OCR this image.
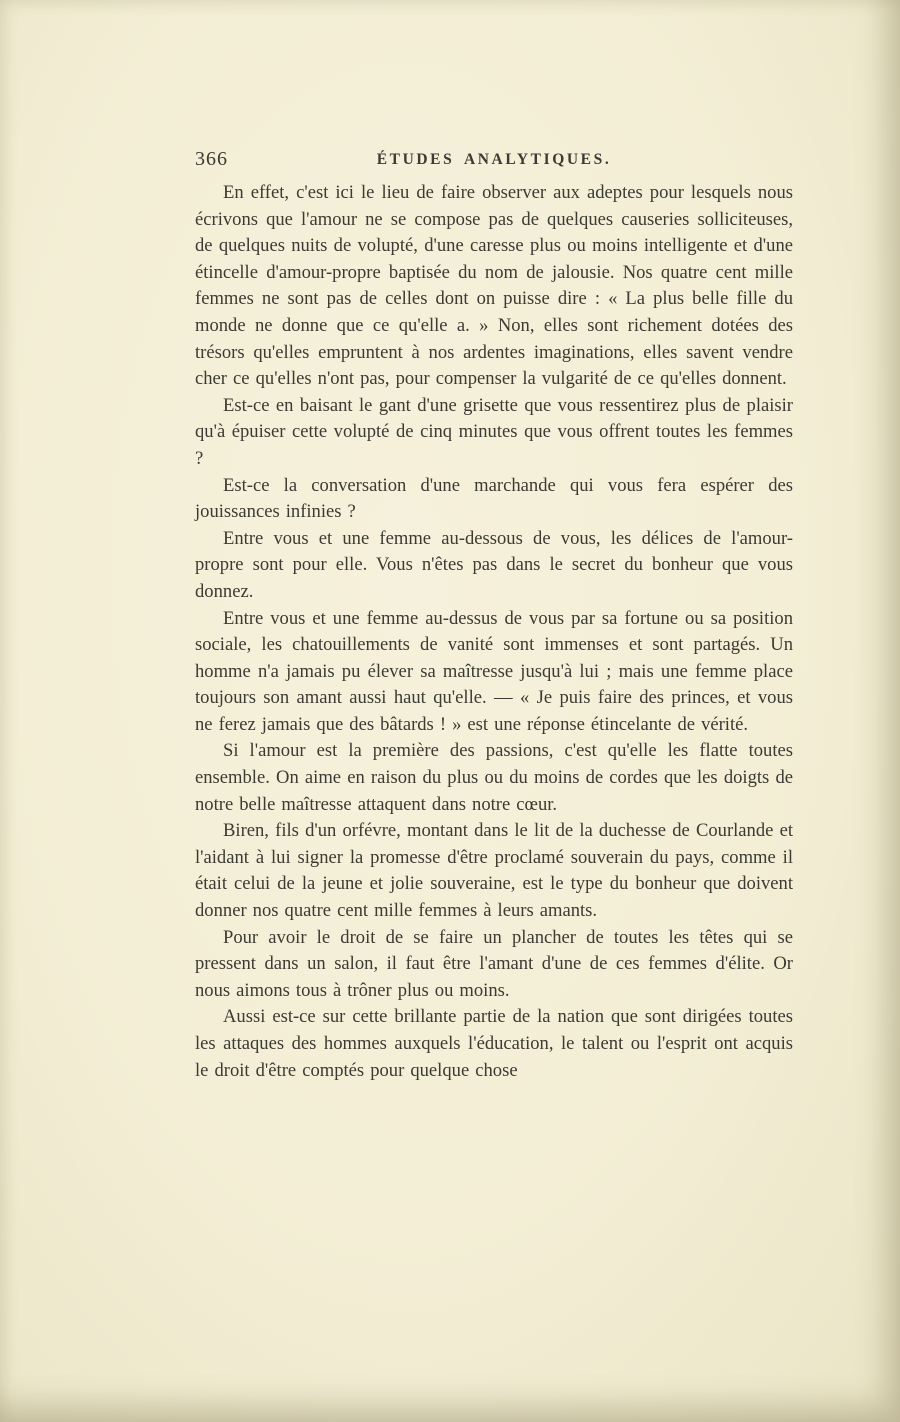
366	ÉTUDES ANALYTIQUES.

En effet, c'est ici le lieu de faire observer aux adeptes pour lesquels nous écrivons que l'amour ne se compose pas de quelques causeries solliciteuses, de quelques nuits de volupté, d'une caresse plus ou moins intelligente et d'une étincelle d'amour-propre baptisée du nom de jalousie. Nos quatre cent mille femmes ne sont pas de celles dont on puisse dire : « La plus belle fille du monde ne donne que ce qu'elle a. » Non, elles sont richement dotées des trésors qu'elles empruntent à nos ardentes imaginations, elles savent vendre cher ce qu'elles n'ont pas, pour compenser la vulgarité de ce qu'elles donnent.

Est-ce en baisant le gant d'une grisette que vous ressentirez plus de plaisir qu'à épuiser cette volupté de cinq minutes que vous offrent toutes les femmes ?

Est-ce la conversation d'une marchande qui vous fera espérer des jouissances infinies ?

Entre vous et une femme au-dessous de vous, les délices de l'amour-propre sont pour elle. Vous n'êtes pas dans le secret du bonheur que vous donnez.

Entre vous et une femme au-dessus de vous par sa fortune ou sa position sociale, les chatouillements de vanité sont immenses et sont partagés. Un homme n'a jamais pu élever sa maîtresse jusqu'à lui ; mais une femme place toujours son amant aussi haut qu'elle. — « Je puis faire des princes, et vous ne ferez jamais que des bâtards ! » est une réponse étincelante de vérité.

Si l'amour est la première des passions, c'est qu'elle les flatte toutes ensemble. On aime en raison du plus ou du moins de cordes que les doigts de notre belle maîtresse attaquent dans notre cœur.

Biren, fils d'un orfévre, montant dans le lit de la duchesse de Courlande et l'aidant à lui signer la promesse d'être proclamé souverain du pays, comme il était celui de la jeune et jolie souveraine, est le type du bonheur que doivent donner nos quatre cent mille femmes à leurs amants.

Pour avoir le droit de se faire un plancher de toutes les têtes qui se pressent dans un salon, il faut être l'amant d'une de ces femmes d'élite. Or nous aimons tous à trôner plus ou moins.

Aussi est-ce sur cette brillante partie de la nation que sont dirigées toutes les attaques des hommes auxquels l'éducation, le talent ou l'esprit ont acquis le droit d'être comptés pour quelque chose
